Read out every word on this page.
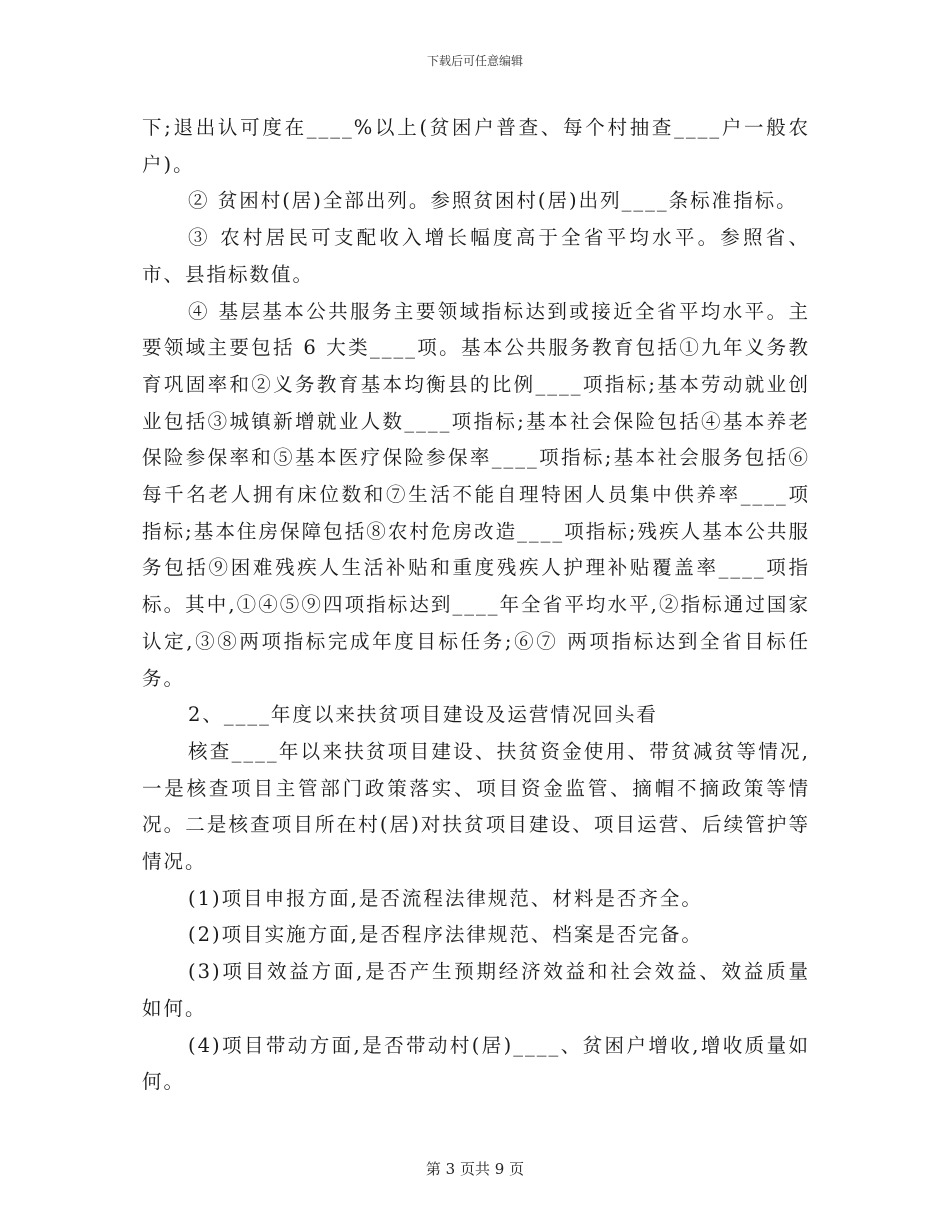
下载后可任意编辑

下;退出认可度在____%以上(贫困户普查、每个村抽查____户一般农户)。

② 贫困村(居)全部出列。参照贫困村(居)出列____条标准指标。

③ 农村居民可支配收入增长幅度高于全省平均水平。参照省、市、县指标数值。

④ 基层基本公共服务主要领域指标达到或接近全省平均水平。主要领域主要包括 6 大类____项。基本公共服务教育包括①九年义务教育巩固率和②义务教育基本均衡县的比例____项指标;基本劳动就业创业包括③城镇新增就业人数____项指标;基本社会保险包括④基本养老保险参保率和⑤基本医疗保险参保率____项指标;基本社会服务包括⑥每千名老人拥有床位数和⑦生活不能自理特困人员集中供养率____项指标;基本住房保障包括⑧农村危房改造____项指标;残疾人基本公共服务包括⑨困难残疾人生活补贴和重度残疾人护理补贴覆盖率____项指标。其中,①④⑤⑨四项指标达到____年全省平均水平,②指标通过国家认定,③⑧两项指标完成年度目标任务;⑥⑦ 两项指标达到全省目标任务。

2、____年度以来扶贫项目建设及运营情况回头看

核查____年以来扶贫项目建设、扶贫资金使用、带贫减贫等情况,一是核查项目主管部门政策落实、项目资金监管、摘帽不摘政策等情况。二是核查项目所在村(居)对扶贫项目建设、项目运营、后续管护等情况。

(1)项目申报方面,是否流程法律规范、材料是否齐全。

(2)项目实施方面,是否程序法律规范、档案是否完备。

(3)项目效益方面,是否产生预期经济效益和社会效益、效益质量如何。

(4)项目带动方面,是否带动村(居)____、贫困户增收,增收质量如何。

第 3 页共 9 页
